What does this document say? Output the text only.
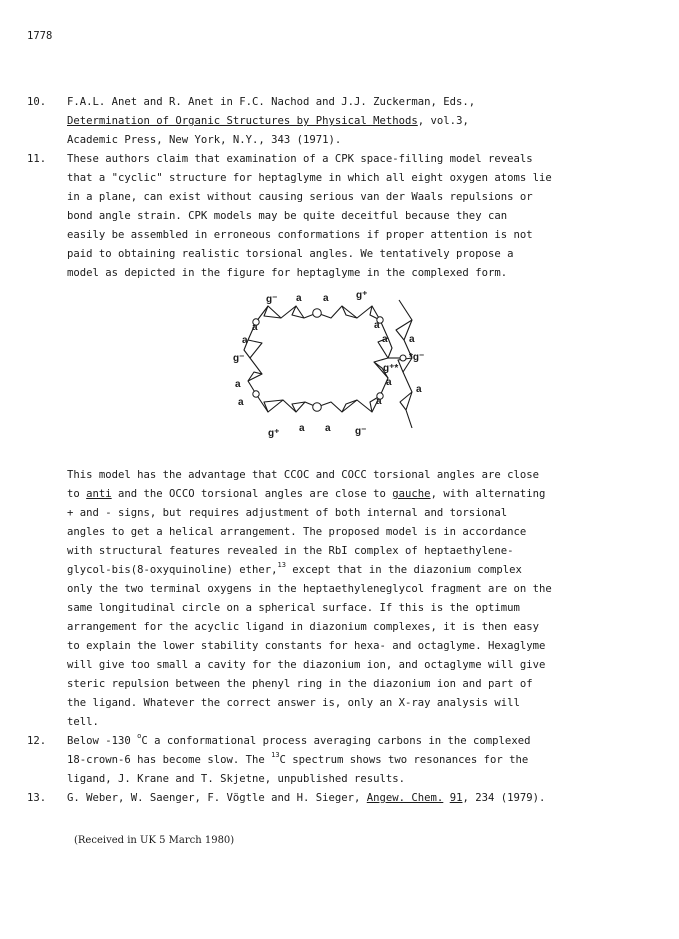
1778
10. F.A.L. Anet and R. Anet in F.C. Nachod and J.J. Zuckerman, Eds.,
Determination of Organic Structures by Physical Methods, vol.3,
Academic Press, New York, N.Y., 343 (1971).
11. These authors claim that examination of a CPK space-filling model reveals
that a "cyclic" structure for heptaglyme in which all eight oxygen atoms lie
in a plane, can exist without causing serious van der Waals repulsions or
bond angle strain. CPK models may be quite deceitful because they can
easily be assembled in erroneous conformations if proper attention is not
paid to obtaining realistic torsional angles. We tentatively propose a
model as depicted in the figure for heptaglyme in the complexed form.
g⁻ a a	g⁺
a
a
g⁻
a
a
a
a a
g⁺*
*g⁻
a
a
a
g⁺ a a g⁻
This model has the advantage that CCOC and COCC torsional angles are close
to anti and the OCCO torsional angles are close to gauche, with alternating
+ and - signs, but requires adjustment of both internal and torsional
angles to get a helical arrangement. The proposed model is in accordance
with structural features revealed in the RbI complex of heptaethylene-
glycol-bis(8-oxyquinoline) ether,$^{13}$ except that in the diazonium complex
only the two terminal oxygens in the heptaethyleneglycol fragment are on the
same longitudinal circle on a spherical surface. If this is the optimum
arrangement for the acyclic ligand in diazonium complexes, it is then easy
to explain the lower stability constants for hexa- and octaglyme. Hexaglyme
will give too small a cavity for the diazonium ion, and octaglyme will give
steric repulsion between the phenyl ring in the diazonium ion and part of
the ligand. Whatever the correct answer is, only an X-ray analysis will
tell.
12. Below -130 $^o$C a conformational process averaging carbons in the complexed
18-crown-6 has become slow. The $^{13}$C spectrum shows two resonances for the
ligand, J. Krane and T. Skjetne, unpublished results.
13. G. Weber, W. Saenger, F. Vögtle and H. Sieger, Angew. Chem. 91, 234 (1979).
(Received in UK 5 March 1980)
